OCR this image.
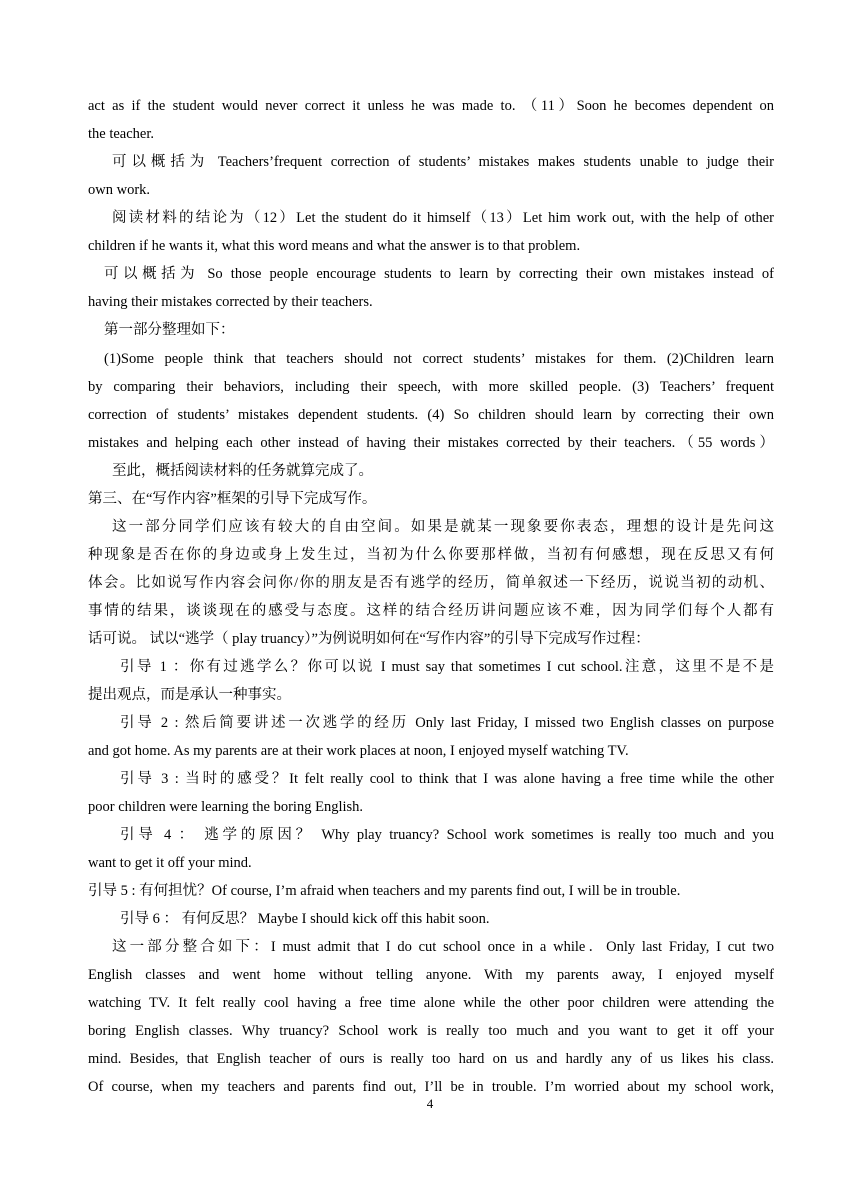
act as if the student would never correct it unless he was made to. （11）Soon he becomes dependent on
the teacher.
可以概括为 Teachers’frequent correction of students’ mistakes makes students unable to judge their
own work.
阅读材料的结论为（12）Let the student do it himself（13）Let him work out, with the help of other
children if he wants it, what this word means and what the answer is to that problem.
可以概括为 So those people encourage students to learn by correcting their own mistakes instead of
having their mistakes corrected by their teachers.
第一部分整理如下：
(1)Some people think that teachers should not correct students’ mistakes for them. (2)Children learn
by comparing their behaviors, including their speech, with more skilled people. (3) Teachers’ frequent
correction of students’ mistakes dependent students. (4) So children should learn by correcting their own
mistakes and helping each other instead of having their mistakes corrected by their teachers.（55 words）
至此，概括阅读材料的任务就算完成了。
第三、在“写作内容”框架的引导下完成写作。
这一部分同学们应该有较大的自由空间。如果是就某一现象要你表态，理想的设计是先问这
种现象是否在你的身边或身上发生过，当初为什么你要那样做，当初有何感想，现在反思又有何
体会。比如说写作内容会问你/你的朋友是否有逃学的经历，简单叙述一下经历，说说当初的动机、
事情的结果，谈谈现在的感受与态度。这样的结合经历讲问题应该不难，因为同学们每个人都有
话可说。 试以“逃学（ play truancy）”为例说明如何在“写作内容”的引导下完成写作过程：
引导 1 ：你有过逃学么？你可以说 I must say that sometimes I cut school.注意，这里不是不是
提出观点，而是承认一种事实。
引导 2 : 然后简要讲述一次逃学的经历 Only last Friday, I missed two English classes on purpose
and got home. As my parents are at their work places at noon, I enjoyed myself watching TV.
引导 3 : 当时的感受？It felt really cool to think that I was alone having a free time while the other
poor children were learning the boring English.
引导 4 ： 逃学的原因？ Why play truancy? School work sometimes is really too much and you
want to get it off your mind.
引导 5 : 有何担忧？Of course, I’m afraid when teachers and my parents find out, I will be in trouble.
引导 6 ： 有何反思？ Maybe I should kick off this habit soon.
这一部分整合如下：I must admit that I do cut school once in a while．Only last Friday, I cut two
English classes and went home without telling anyone. With my parents away, I enjoyed myself
watching TV. It felt really cool having a free time alone while the other poor children were attending the
boring English classes. Why truancy? School work is really too much and you want to get it off your
mind. Besides, that English teacher of ours is really too hard on us and hardly any of us likes his class.
Of course, when my teachers and parents find out, I’ll be in trouble. I’m worried about my school work,
4
